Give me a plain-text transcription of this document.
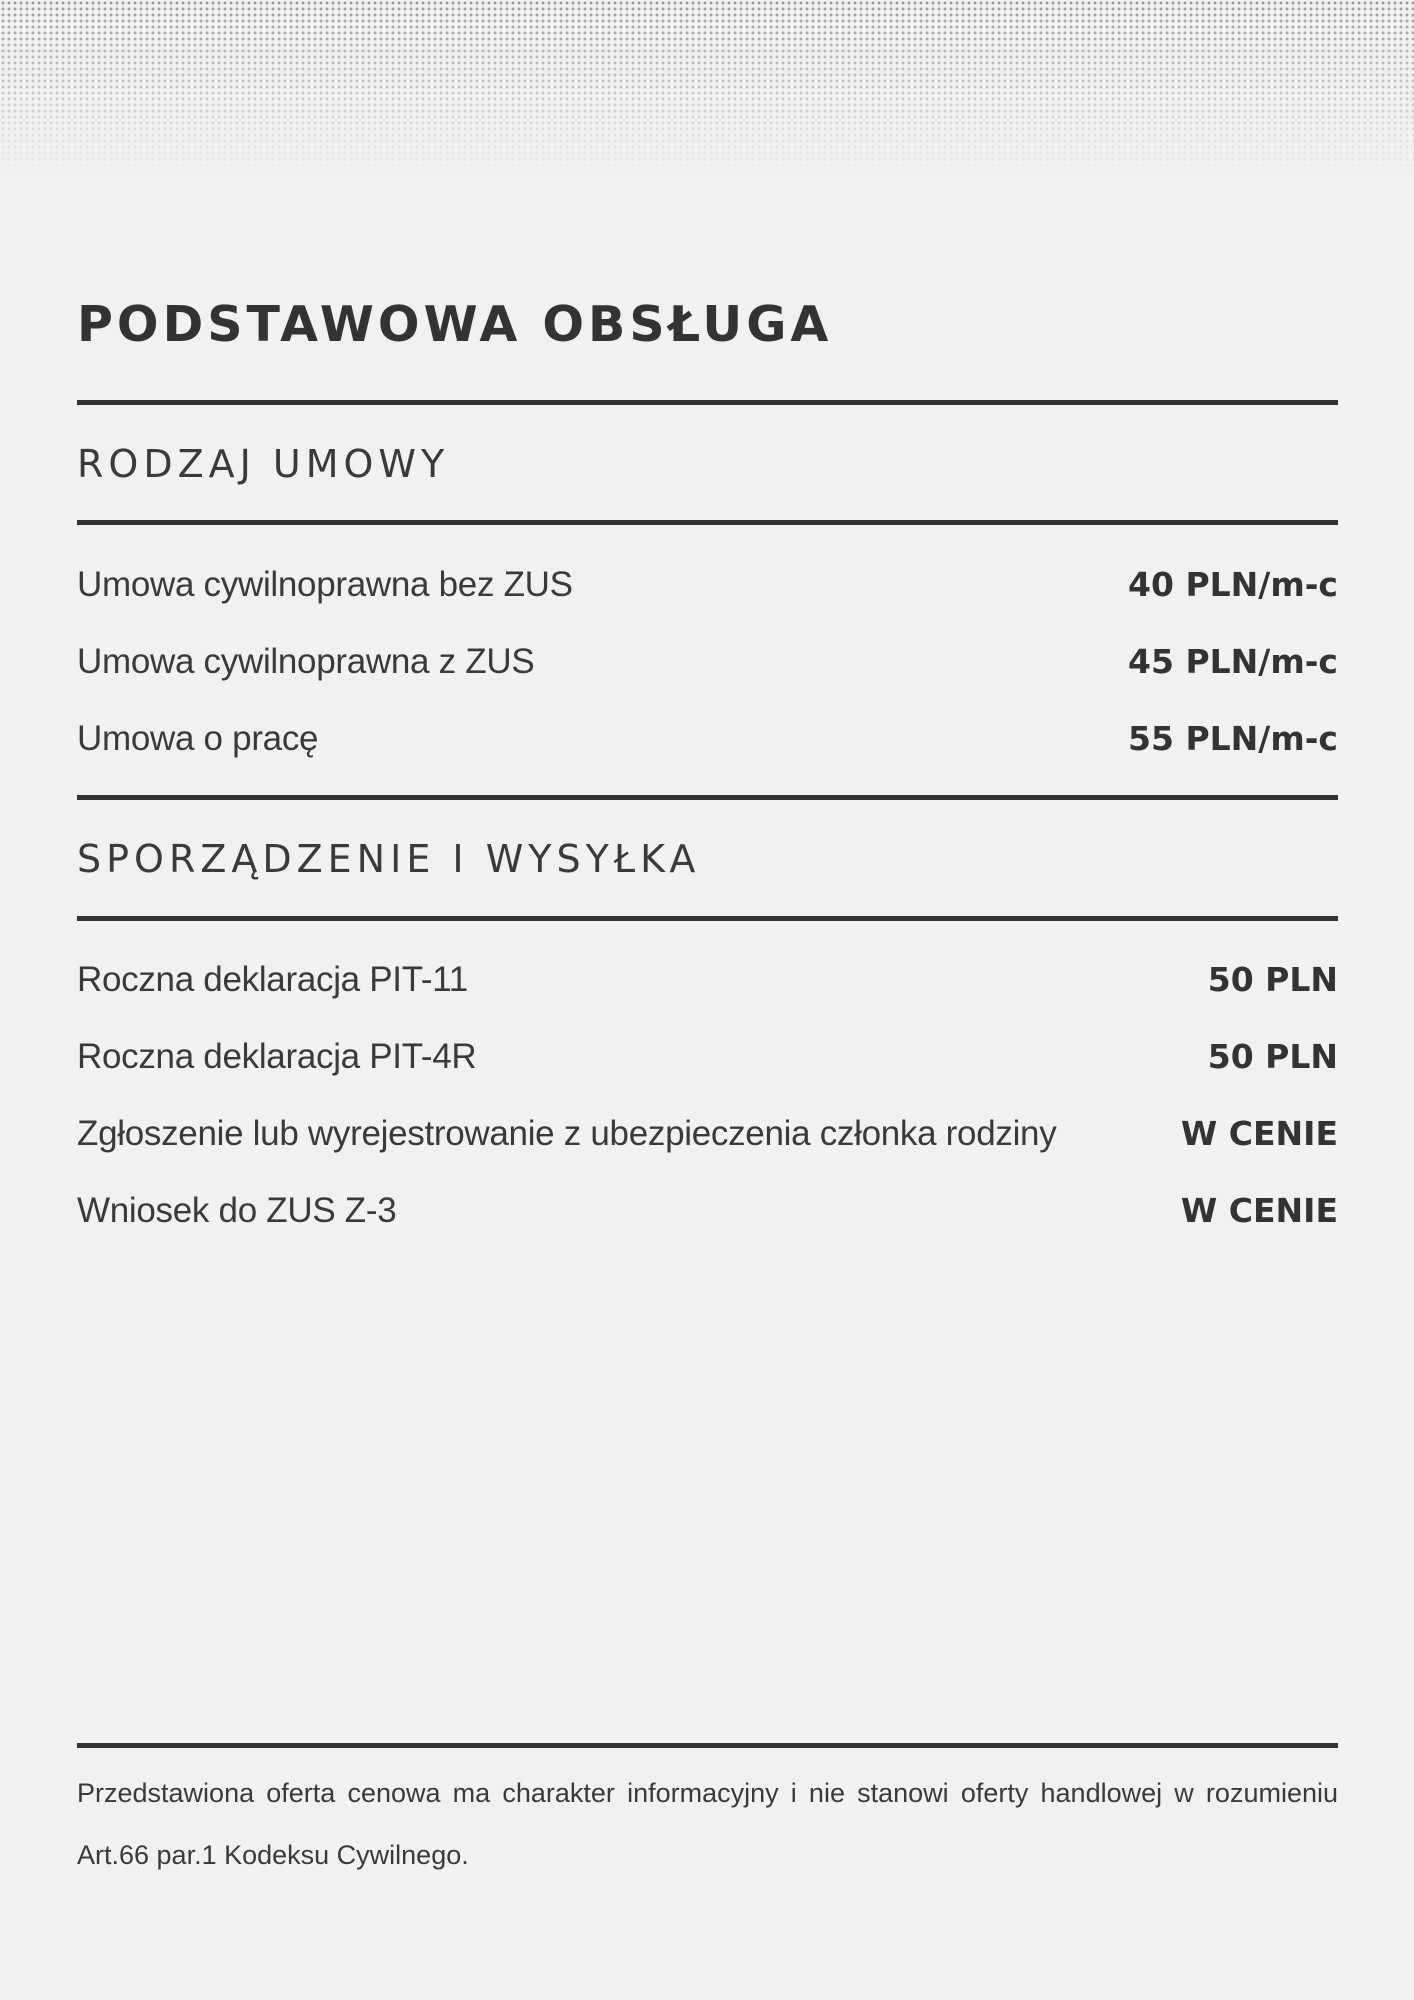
PODSTAWOWA OBSŁUGA
RODZAJ UMOWY
Umowa cywilnoprawna bez ZUS	40 PLN/m-c
Umowa cywilnoprawna z ZUS	45 PLN/m-c
Umowa o pracę	55 PLN/m-c
SPORZĄDZENIE I WYSYŁKA
Roczna deklaracja PIT-11	50 PLN
Roczna deklaracja PIT-4R	50 PLN
Zgłoszenie lub wyrejestrowanie z ubezpieczenia członka rodziny	W CENIE
Wniosek do ZUS Z-3	W CENIE

Przedstawiona oferta cenowa ma charakter informacyjny i nie stanowi oferty handlowej w rozumieniu Art.66 par.1 Kodeksu Cywilnego.
